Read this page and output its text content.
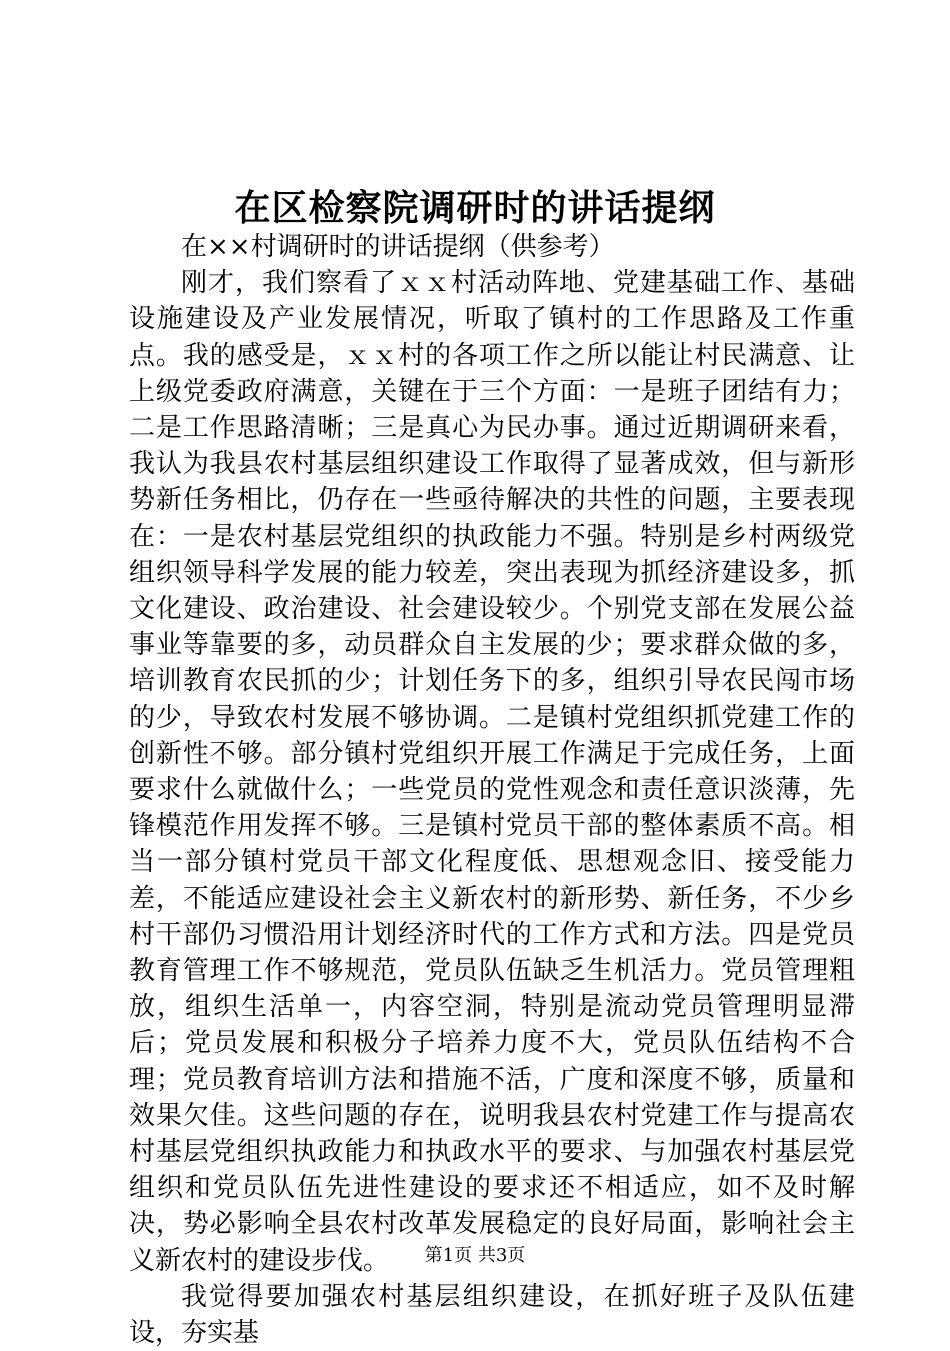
在区检察院调研时的讲话提纲

在××村调研时的讲话提纲（供参考）

刚才，我们察看了ｘｘ村活动阵地、党建基础工作、基础设施建设及产业发展情况，听取了镇村的工作思路及工作重点。我的感受是，ｘｘ村的各项工作之所以能让村民满意、让上级党委政府满意，关键在于三个方面：一是班子团结有力；二是工作思路清晰；三是真心为民办事。通过近期调研来看，我认为我县农村基层组织建设工作取得了显著成效，但与新形势新任务相比，仍存在一些亟待解决的共性的问题，主要表现在：一是农村基层党组织的执政能力不强。特别是乡村两级党组织领导科学发展的能力较差，突出表现为抓经济建设多，抓文化建设、政治建设、社会建设较少。个别党支部在发展公益事业等靠要的多，动员群众自主发展的少；要求群众做的多，培训教育农民抓的少；计划任务下的多，组织引导农民闯市场的少，导致农村发展不够协调。二是镇村党组织抓党建工作的创新性不够。部分镇村党组织开展工作满足于完成任务，上面要求什么就做什么；一些党员的党性观念和责任意识淡薄，先锋模范作用发挥不够。三是镇村党员干部的整体素质不高。相当一部分镇村党员干部文化程度低、思想观念旧、接受能力差，不能适应建设社会主义新农村的新形势、新任务，不少乡村干部仍习惯沿用计划经济时代的工作方式和方法。四是党员教育管理工作不够规范，党员队伍缺乏生机活力。党员管理粗放，组织生活单一，内容空洞，特别是流动党员管理明显滞后；党员发展和积极分子培养力度不大，党员队伍结构不合理；党员教育培训方法和措施不活，广度和深度不够，质量和效果欠佳。这些问题的存在，说明我县农村党建工作与提高农村基层党组织执政能力和执政水平的要求、与加强农村基层党组织和党员队伍先进性建设的要求还不相适应，如不及时解决，势必影响全县农村改革发展稳定的良好局面，影响社会主义新农村的建设步伐。

我觉得要加强农村基层组织建设，在抓好班子及队伍建设，夯实基

第1页 共3页
